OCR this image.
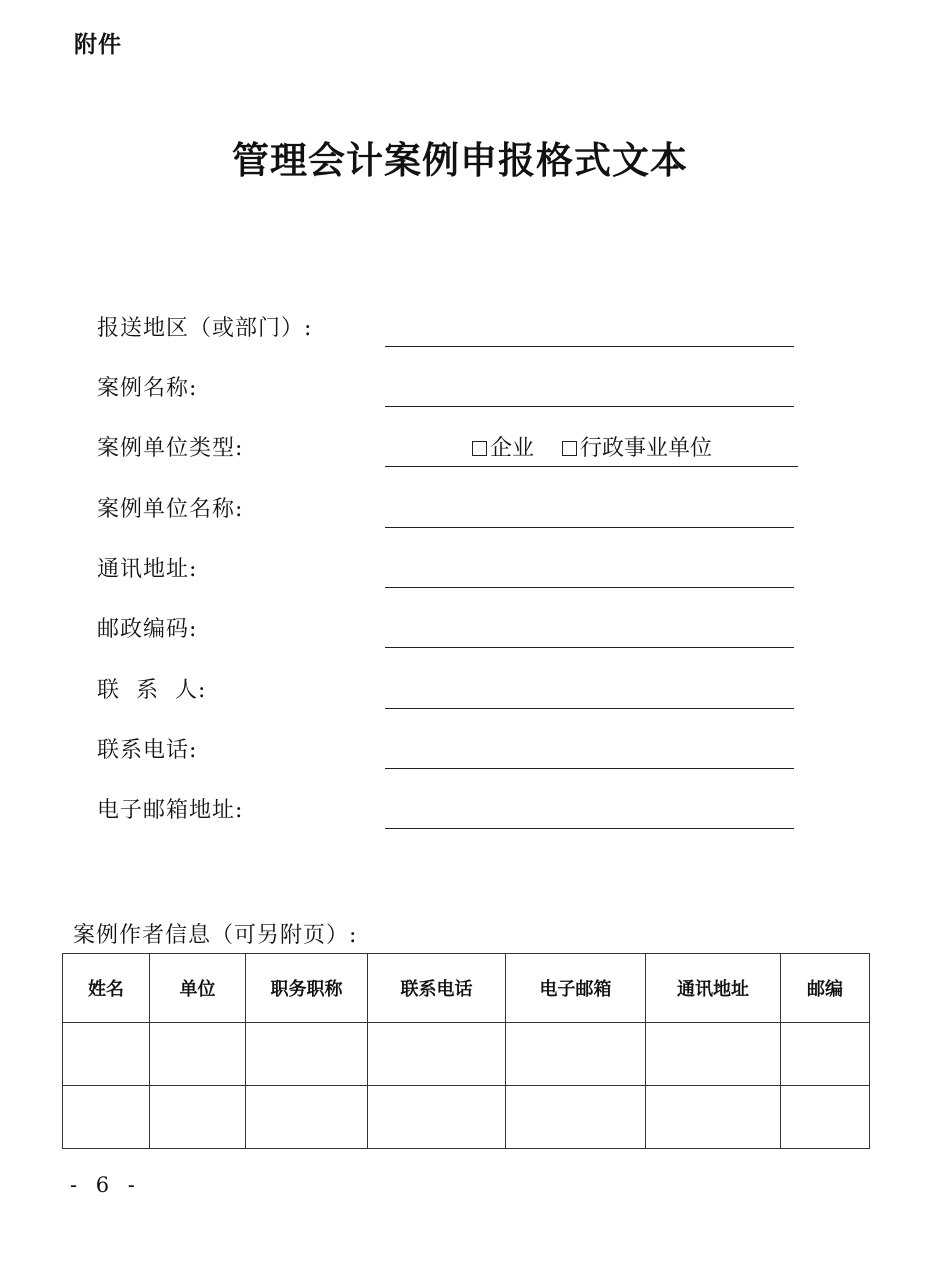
附件
管理会计案例申报格式文本
报送地区（或部门）:
案例名称:
案例单位类型:	企业 行政事业单位
案例单位名称:
通讯地址:
邮政编码:
联  系  人:
联系电话:
电子邮箱地址:
案例作者信息（可另附页）:
姓名	单位	职务职称	联系电话	电子邮箱	通讯地址	邮编

- 6 -
